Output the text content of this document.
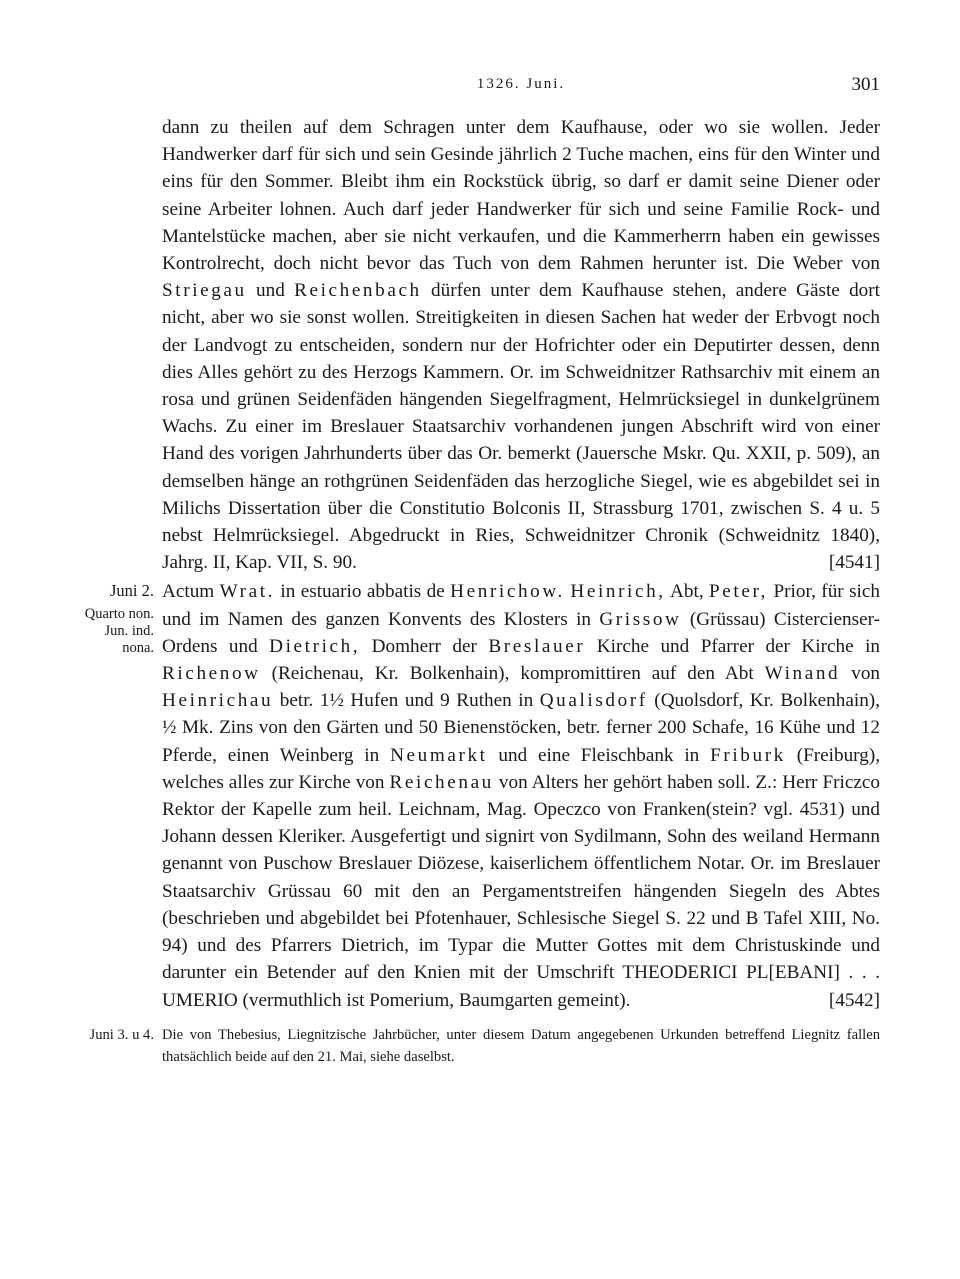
1326. Juni.	301

dann zu theilen auf dem Schragen unter dem Kaufhause, oder wo sie wollen. Jeder Handwerker darf für sich und sein Gesinde jährlich 2 Tuche machen, eins für den Winter und eins für den Sommer. Bleibt ihm ein Rockstück übrig, so darf er damit seine Diener oder seine Arbeiter lohnen. Auch darf jeder Handwerker für sich und seine Familie Rock- und Mantelstücke machen, aber sie nicht verkaufen, und die Kammerherrn haben ein gewisses Kontrolrecht, doch nicht bevor das Tuch von dem Rahmen herunter ist. Die Weber von Striegau und Reichenbach dürfen unter dem Kaufhause stehen, andere Gäste dort nicht, aber wo sie sonst wollen. Streitigkeiten in diesen Sachen hat weder der Erbvogt noch der Landvogt zu entscheiden, sondern nur der Hofrichter oder ein Deputirter dessen, denn dies Alles gehört zu des Herzogs Kammern. Or. im Schweidnitzer Rathsarchiv mit einem an rosa und grünen Seidenfäden hängenden Siegelfragment, Helmrücksiegel in dunkelgrünem Wachs. Zu einer im Breslauer Staatsarchiv vorhandenen jungen Abschrift wird von einer Hand des vorigen Jahrhunderts über das Or. bemerkt (Jauersche Mskr. Qu. XXII, p. 509), an demselben hänge an rothgrünen Seidenfäden das herzogliche Siegel, wie es abgebildet sei in Milichs Dissertation über die Constitutio Bolconis II, Strassburg 1701, zwischen S. 4 u. 5 nebst Helmrücksiegel. Abgedruckt in Ries, Schweidnitzer Chronik (Schweidnitz 1840), Jahrg. II, Kap. VII, S. 90.	[4541]

Juni 2.
Quarto non.
Jun. ind.
nona.
Actum Wrat. in estuario abbatis de Henrichow. Heinrich, Abt, Peter, Prior, für sich und im Namen des ganzen Konvents des Klosters in Grissow (Grüssau) Cistercienser-Ordens und Dietrich, Domherr der Breslauer Kirche und Pfarrer der Kirche in Richenow (Reichenau, Kr. Bolkenhain), kompromittiren auf den Abt Winand von Heinrichau betr. 1½ Hufen und 9 Ruthen in Qualisdorf (Quolsdorf, Kr. Bolkenhain), ½ Mk. Zins von den Gärten und 50 Bienenstöcken, betr. ferner 200 Schafe, 16 Kühe und 12 Pferde, einen Weinberg in Neumarkt und eine Fleischbank in Friburk (Freiburg), welches alles zur Kirche von Reichenau von Alters her gehört haben soll. Z.: Herr Friczco Rektor der Kapelle zum heil. Leichnam, Mag. Opeczco von Franken(stein? vgl. 4531) und Johann dessen Kleriker. Ausgefertigt und signirt von Sydilmann, Sohn des weiland Hermann genannt von Puschow Breslauer Diözese, kaiserlichem öffentlichem Notar. Or. im Breslauer Staatsarchiv Grüssau 60 mit den an Pergamentstreifen hängenden Siegeln des Abtes (beschrieben und abgebildet bei Pfotenhauer, Schlesische Siegel S. 22 und B Tafel XIII, No. 94) und des Pfarrers Dietrich, im Typar die Mutter Gottes mit dem Christuskinde und darunter ein Betender auf den Knien mit der Umschrift THEODERICI PL[EBANI] . . . UMERIO (vermuthlich ist Pomerium, Baumgarten gemeint).	[4542]

Juni 3. u 4. Die von Thebesius, Liegnitzische Jahrbücher, unter diesem Datum angegebenen Urkunden betreffend Liegnitz fallen thatsächlich beide auf den 21. Mai, siehe daselbst.
